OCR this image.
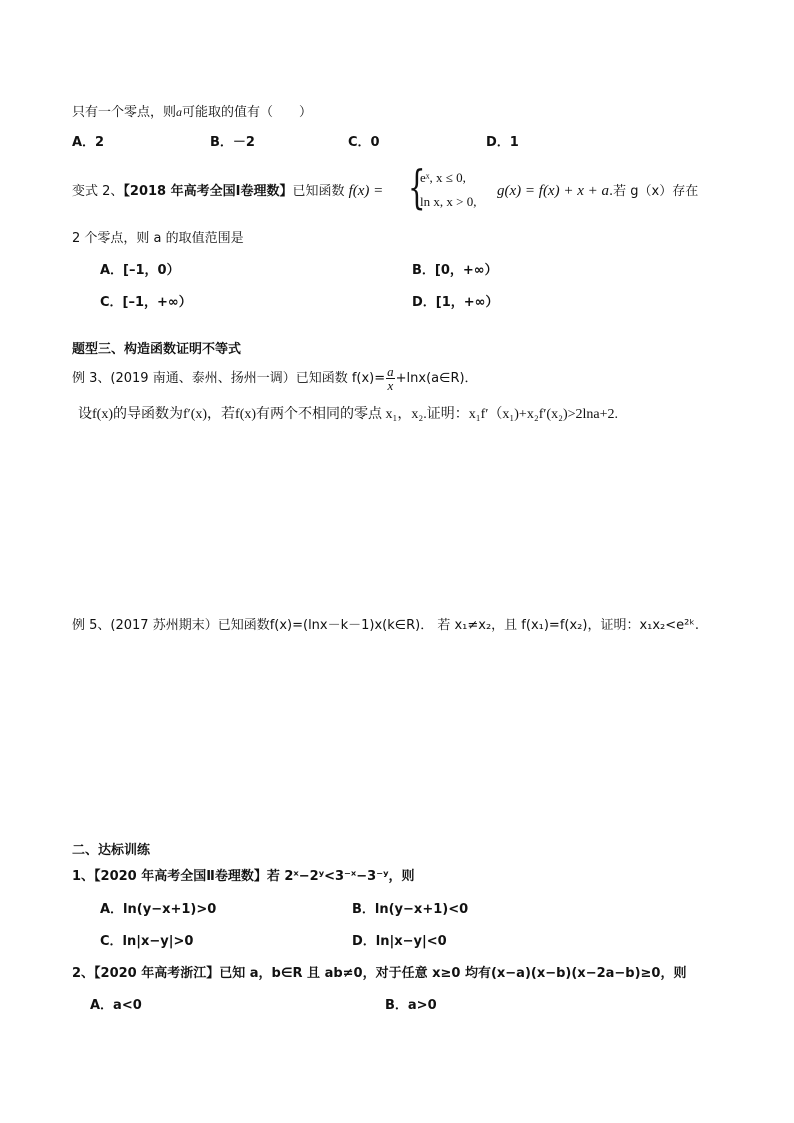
只有一个零点，则a可能取的值有（　　）
A．2	B．－2	C．0	D．1
变式 2、【2018 年高考全国Ⅰ卷理数】已知函数 f(x) = {
eˣ, x ≤ 0,
ln x, x > 0,
g(x) = f(x) + x + a.若 g（x）存在
2 个零点，则 a 的取值范围是
A．[–1，0）	B．[0，+∞）
C．[–1，+∞）	D．[1，+∞）
题型三、构造函数证明不等式
例 3、(2019 南通、泰州、扬州一调）已知函数 $f(x)= \frac{a}{x}$ +lnx(a∈R)．
设f(x)的导函数为f′(x)，若f(x)有两个不相同的零点 x₁，x₂.证明：x₁f′（x₁)+x₂f′(x₂)>2lna+2.
例 5、(2017 苏州期末）已知函数f(x)=(lnx－k－1)x(k∈R)． 若 x₁≠x₂，且 f(x₁)=f(x₂)，证明：x₁x₂<e²ᵏ.
二、达标训练
1、【2020 年高考全国Ⅱ卷理数】若 2ˣ−2ʸ<3⁻ˣ−3⁻ʸ，则
A．ln(y−x+1)>0	B．ln(y−x+1)<0
C．ln|x−y|>0	D．ln|x−y|<0
2、【2020 年高考浙江】已知 a，b∈R 且 ab≠0，对于任意 x≥0 均有(x−a)(x−b)(x−2a−b)≥0，则
A．a<0	B．a>0
